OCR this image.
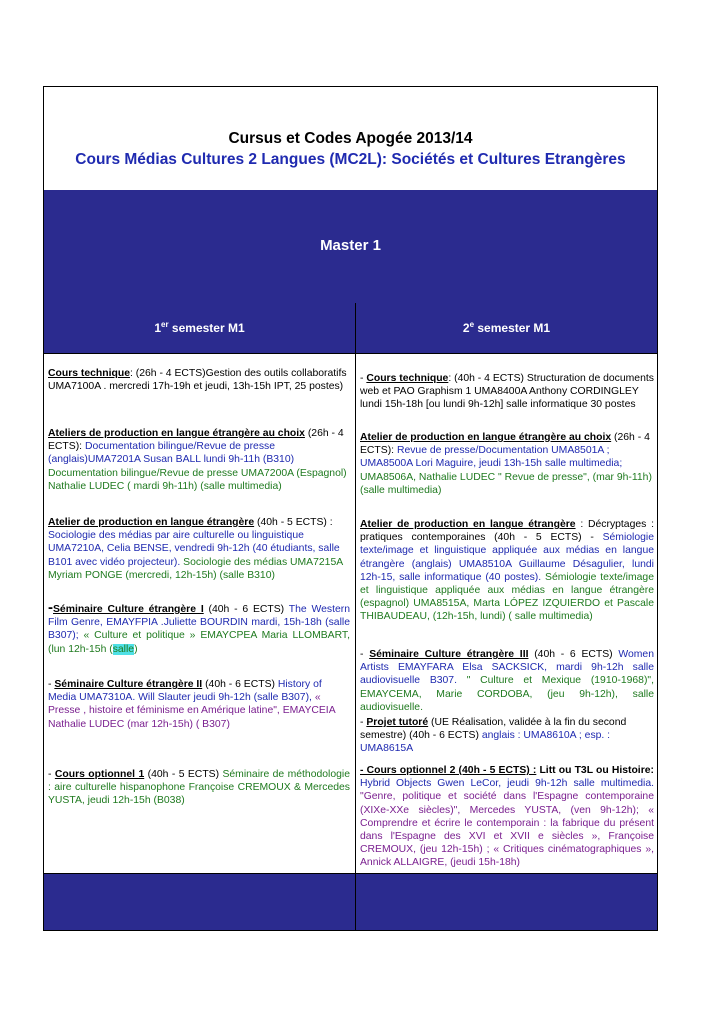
Cursus et Codes Apogée 2013/14
Cours Médias Cultures 2 Langues (MC2L): Sociétés et Cultures Etrangères
Master 1
1er semester M1	2e semester M1
Cours technique: (26h - 4 ECTS)Gestion des outils collaboratifs UMA7100A . mercredi 17h-19h et jeudi, 13h-15h IPT, 25 postes)
Ateliers de production en langue étrangère au choix (26h - 4 ECTS): Documentation bilingue/Revue de presse (anglais)UMA7201A Susan BALL lundi 9h-11h (B310) Documentation bilingue/Revue de presse UMA7200A (Espagnol) Nathalie LUDEC ( mardi 9h-11h) (salle multimedia)
Atelier de production en langue étrangère (40h - 5 ECTS) : Sociologie des médias par aire culturelle ou linguistique UMA7210A, Celia BENSE, vendredi 9h-12h (40 étudiants, salle B101 avec vidéo projecteur). Sociologie des médias UMA7215A Myriam PONGE (mercredi, 12h-15h) (salle B310)
-Séminaire Culture étrangère I (40h - 6 ECTS) The Western Film Genre, EMAYFPIA .Juliette BOURDIN mardi, 15h-18h (salle B307); « Culture et politique » EMAYCPEA Maria LLOMBART, (lun 12h-15h (salle)
- Séminaire Culture étrangère II (40h - 6 ECTS) History of Media UMA7310A. Will Slauter jeudi 9h-12h (salle B307), « Presse , histoire et féminisme en Amérique latine", EMAYCEIA Nathalie LUDEC (mar 12h-15h) ( B307)
- Cours optionnel 1 (40h - 5 ECTS) Séminaire de méthodologie : aire culturelle hispanophone Françoise CREMOUX & Mercedes YUSTA, jeudi 12h-15h (B038)
- Cours technique: (40h - 4 ECTS) Structuration de documents web et PAO Graphism 1 UMA8400A Anthony CORDINGLEY lundi 15h-18h [ou lundi 9h-12h] salle informatique 30 postes
Atelier de production en langue étrangère au choix (26h - 4 ECTS): Revue de presse/Documentation UMA8501A ; UMA8500A Lori Maguire, jeudi 13h-15h salle multimedia; UMA8506A, Nathalie LUDEC " Revue de presse", (mar 9h-11h) (salle multimedia)
Atelier de production en langue étrangère : Décryptages : pratiques contemporaines (40h - 5 ECTS) - Sémiologie texte/image et linguistique appliquée aux médias en langue étrangère (anglais) UMA8510A Guillaume Désagulier, lundi 12h-15, salle informatique (40 postes). Sémiologie texte/image et linguistique appliquée aux médias en langue étrangère (espagnol) UMA8515A, Marta LÓPEZ IZQUIERDO et Pascale THIBAUDEAU, (12h-15h, lundi) ( salle multimedia)
- Séminaire Culture étrangère III (40h - 6 ECTS) Women Artists EMAYFARA Elsa SACKSICK, mardi 9h-12h salle audiovisuelle B307. " Culture et Mexique (1910-1968)", EMAYCEMA, Marie CORDOBA, (jeu 9h-12h), salle audiovisuelle.
- Projet tutoré (UE Réalisation, validée à la fin du second semestre) (40h - 6 ECTS) anglais : UMA8610A ; esp. : UMA8615A
- Cours optionnel 2 (40h - 5 ECTS) : Litt ou T3L ou Histoire: Hybrid Objects Gwen LeCor, jeudi 9h-12h salle multimedia. "Genre, politique et société dans l'Espagne contemporaine (XIXe-XXe siècles)", Mercedes YUSTA, (ven 9h-12h); « Comprendre et écrire le contemporain : la fabrique du présent dans l'Espagne des XVI et XVII e siècles », Françoise CREMOUX, (jeu 12h-15h) ; « Critiques cinématographiques », Annick ALLAIGRE, (jeudi 15h-18h)
